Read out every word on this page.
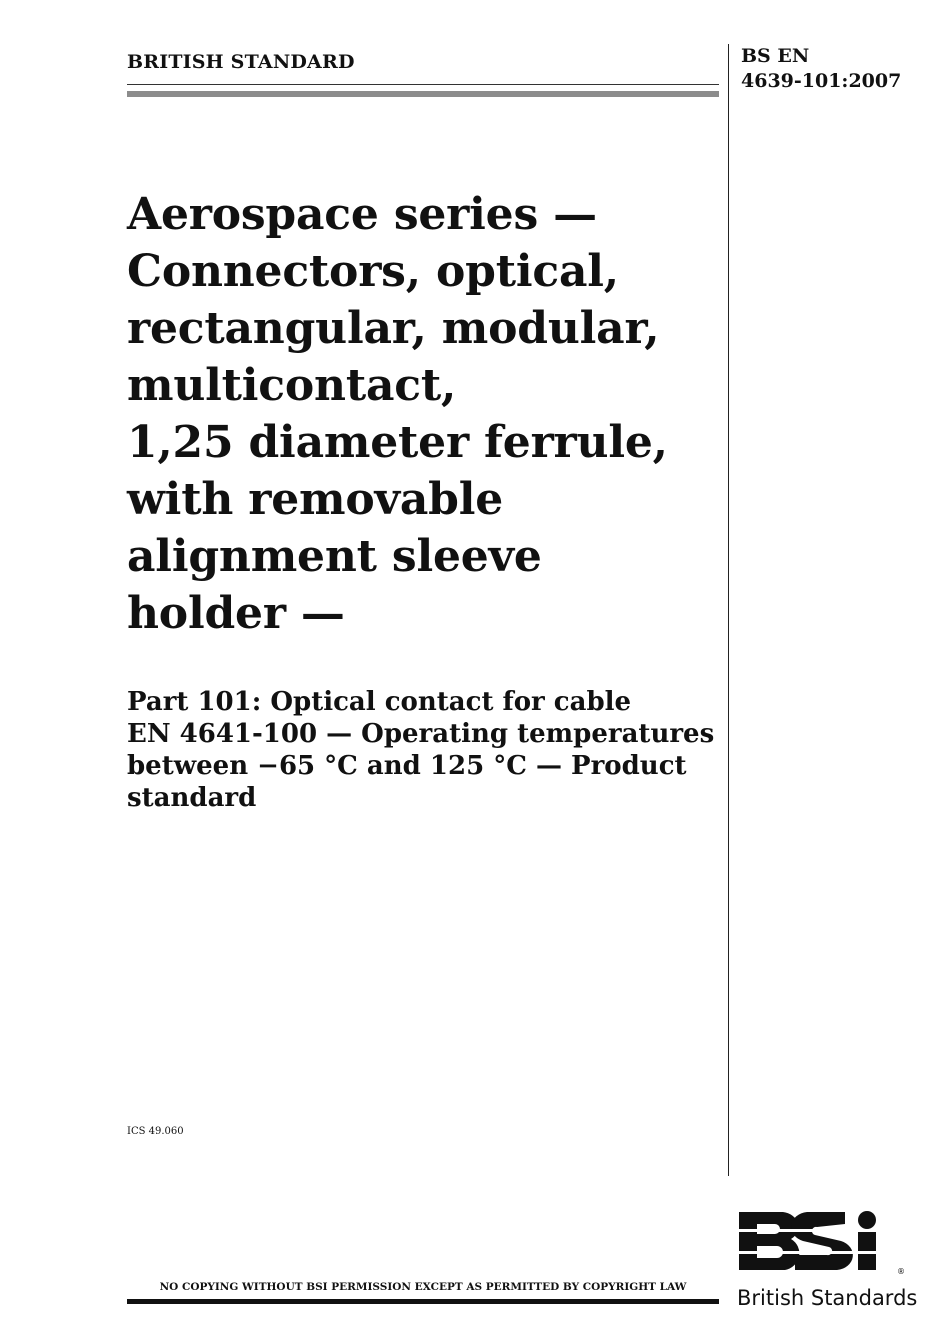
BRITISH STANDARD	BS EN
4639-101:2007
Aerospace series —
Connectors, optical,
rectangular, modular,
multicontact,
1,25 diameter ferrule,
with removable
alignment sleeve
holder —
Part 101: Optical contact for cable
EN 4641-100 — Operating temperatures
between −65 °C and 125 °C — Product
standard
ICS 49.060
NO COPYING WITHOUT BSI PERMISSION EXCEPT AS PERMITTED BY COPYRIGHT LAW
®
British Standards
